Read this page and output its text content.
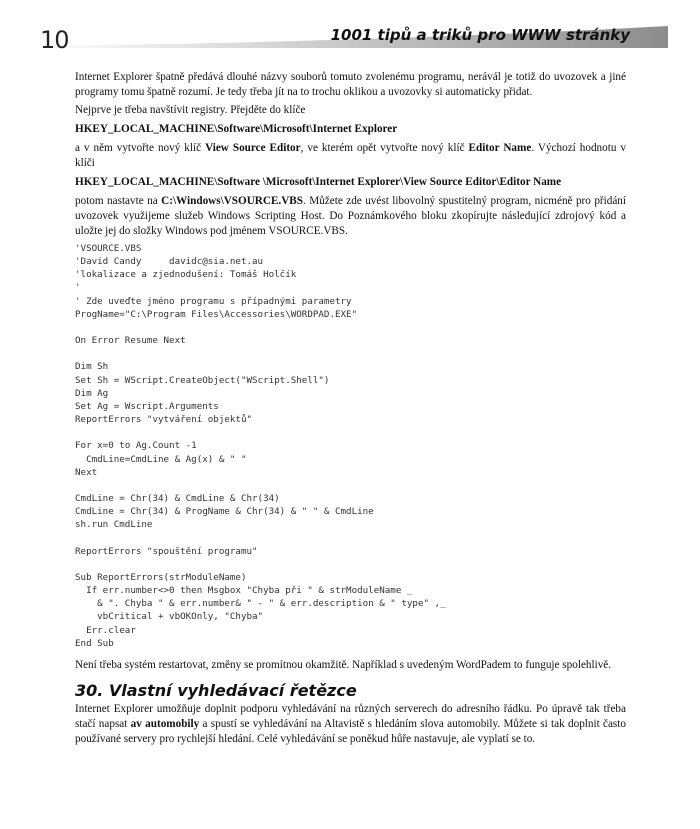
10	1001 tipů a triků pro WWW stránky

Internet Explorer špatně předává dlouhé názvy souborů tomuto zvolenému programu, nerávál je totiž do uvozovek a jiné programy tomu špatně rozumí. Je tedy třeba jít na to trochu oklikou a uvozovky si automaticky přidat.

Nejprve je třeba navštívit registry. Přejděte do klíče

HKEY_LOCAL_MACHINE\Software\Microsoft\Internet Explorer

a v něm vytvořte nový klíč View Source Editor, ve kterém opět vytvořte nový klíč Editor Name. Výchozí hodnotu v klíči

HKEY_LOCAL_MACHINE\Software \Microsoft\Internet Explorer\View Source Editor\Editor Name

potom nastavte na C:\Windows\VSOURCE.VBS. Můžete zde uvést libovolný spustitelný program, nicméně pro přidání uvozovek využijeme služeb Windows Scripting Host. Do Poznámkového bloku zkopírujte následující zdrojový kód a uložte jej do složky Windows pod jménem VSOURCE.VBS.

'VSOURCE.VBS
'David Candy     davidc@sia.net.au
'lokalizace a zjednodušení: Tomáš Holčík
'
' Zde uveďte jméno programu s případnými parametry
ProgName="C:\Program Files\Accessories\WORDPAD.EXE"

On Error Resume Next

Dim Sh
Set Sh = WScript.CreateObject("WScript.Shell")
Dim Ag
Set Ag = Wscript.Arguments
ReportErrors "vytváření objektů"

For x=0 to Ag.Count -1
CmdLine=CmdLine & Ag(x) & " "
Next

CmdLine = Chr(34) & CmdLine & Chr(34)
CmdLine = Chr(34) & ProgName & Chr(34) & " " & CmdLine
sh.run CmdLine

ReportErrors "spouštění programu"

Sub ReportErrors(strModuleName)
If err.number<>0 then Msgbox "Chyba při " & strModuleName _
& ". Chyba " & err.number& " - " & err.description & " type" ,_
vbCritical + vbOKOnly, "Chyba"
Err.clear
End Sub

Není třeba systém restartovat, změny se promítnou okamžitě. Například s uvedeným WordPadem to funguje spolehlivě.

30. Vlastní vyhledávací řetězce

Internet Explorer umožňuje doplnit podporu vyhledávání na různých serverech do adresního řádku. Po úpravě tak třeba stačí napsat av automobily a spustí se vyhledávání na Altavistě s hledáním slova automobily. Můžete si tak doplnit často používané servery pro rychlejší hledání. Celé vyhledávání se poněkud hůře nastavuje, ale vyplatí se to.
